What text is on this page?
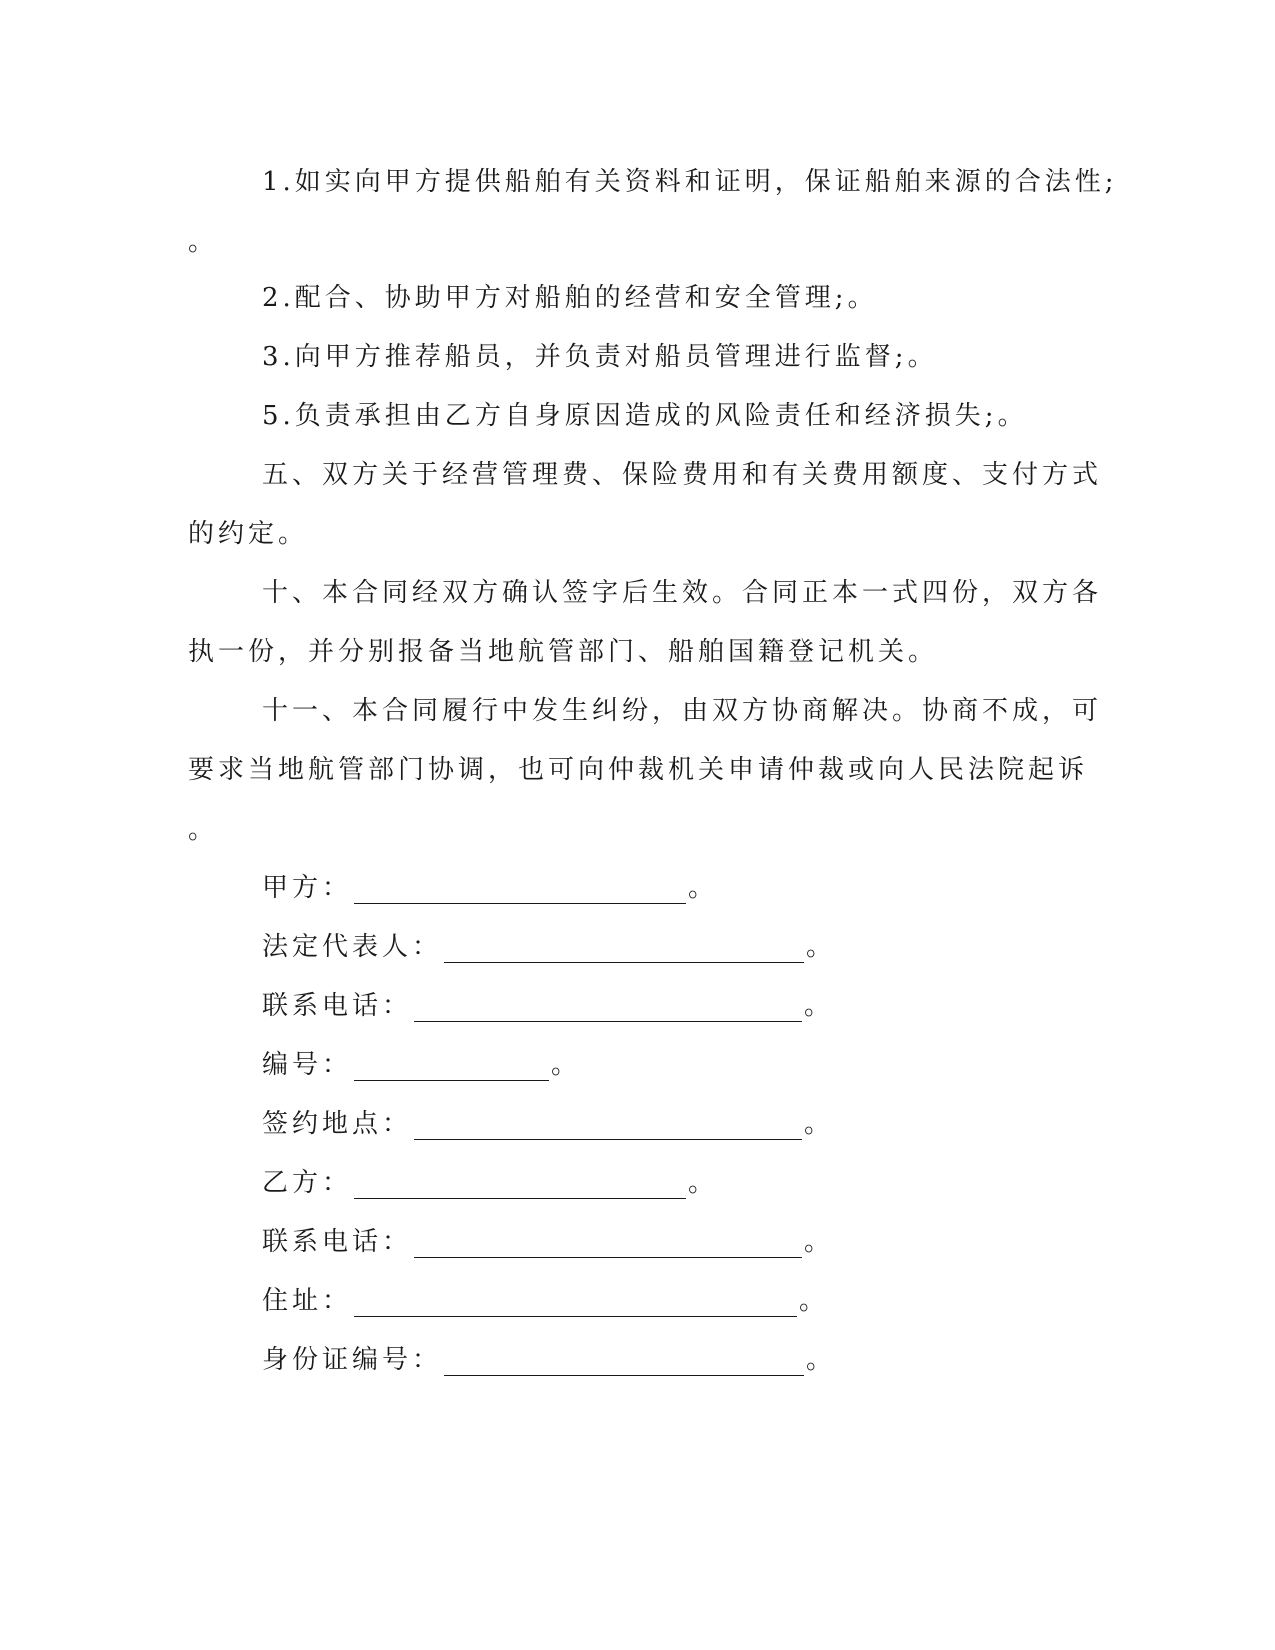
1.如实向甲方提供船舶有关资料和证明，保证船舶来源的合法性;
。
2.配合、协助甲方对船舶的经营和安全管理;。
3.向甲方推荐船员，并负责对船员管理进行监督;。
5.负责承担由乙方自身原因造成的风险责任和经济损失;。
五、双方关于经营管理费、保险费用和有关费用额度、支付方式
的约定。
十、本合同经双方确认签字后生效。合同正本一式四份，双方各
执一份，并分别报备当地航管部门、船舶国籍登记机关。
十一、本合同履行中发生纠纷，由双方协商解决。协商不成，可
要求当地航管部门协调，也可向仲裁机关申请仲裁或向人民法院起诉
。
甲方：	。
法定代表人：	。
联系电话：	。
编号：	。
签约地点：	。
乙方：	。
联系电话：	。
住址：	。
身份证编号：	。
